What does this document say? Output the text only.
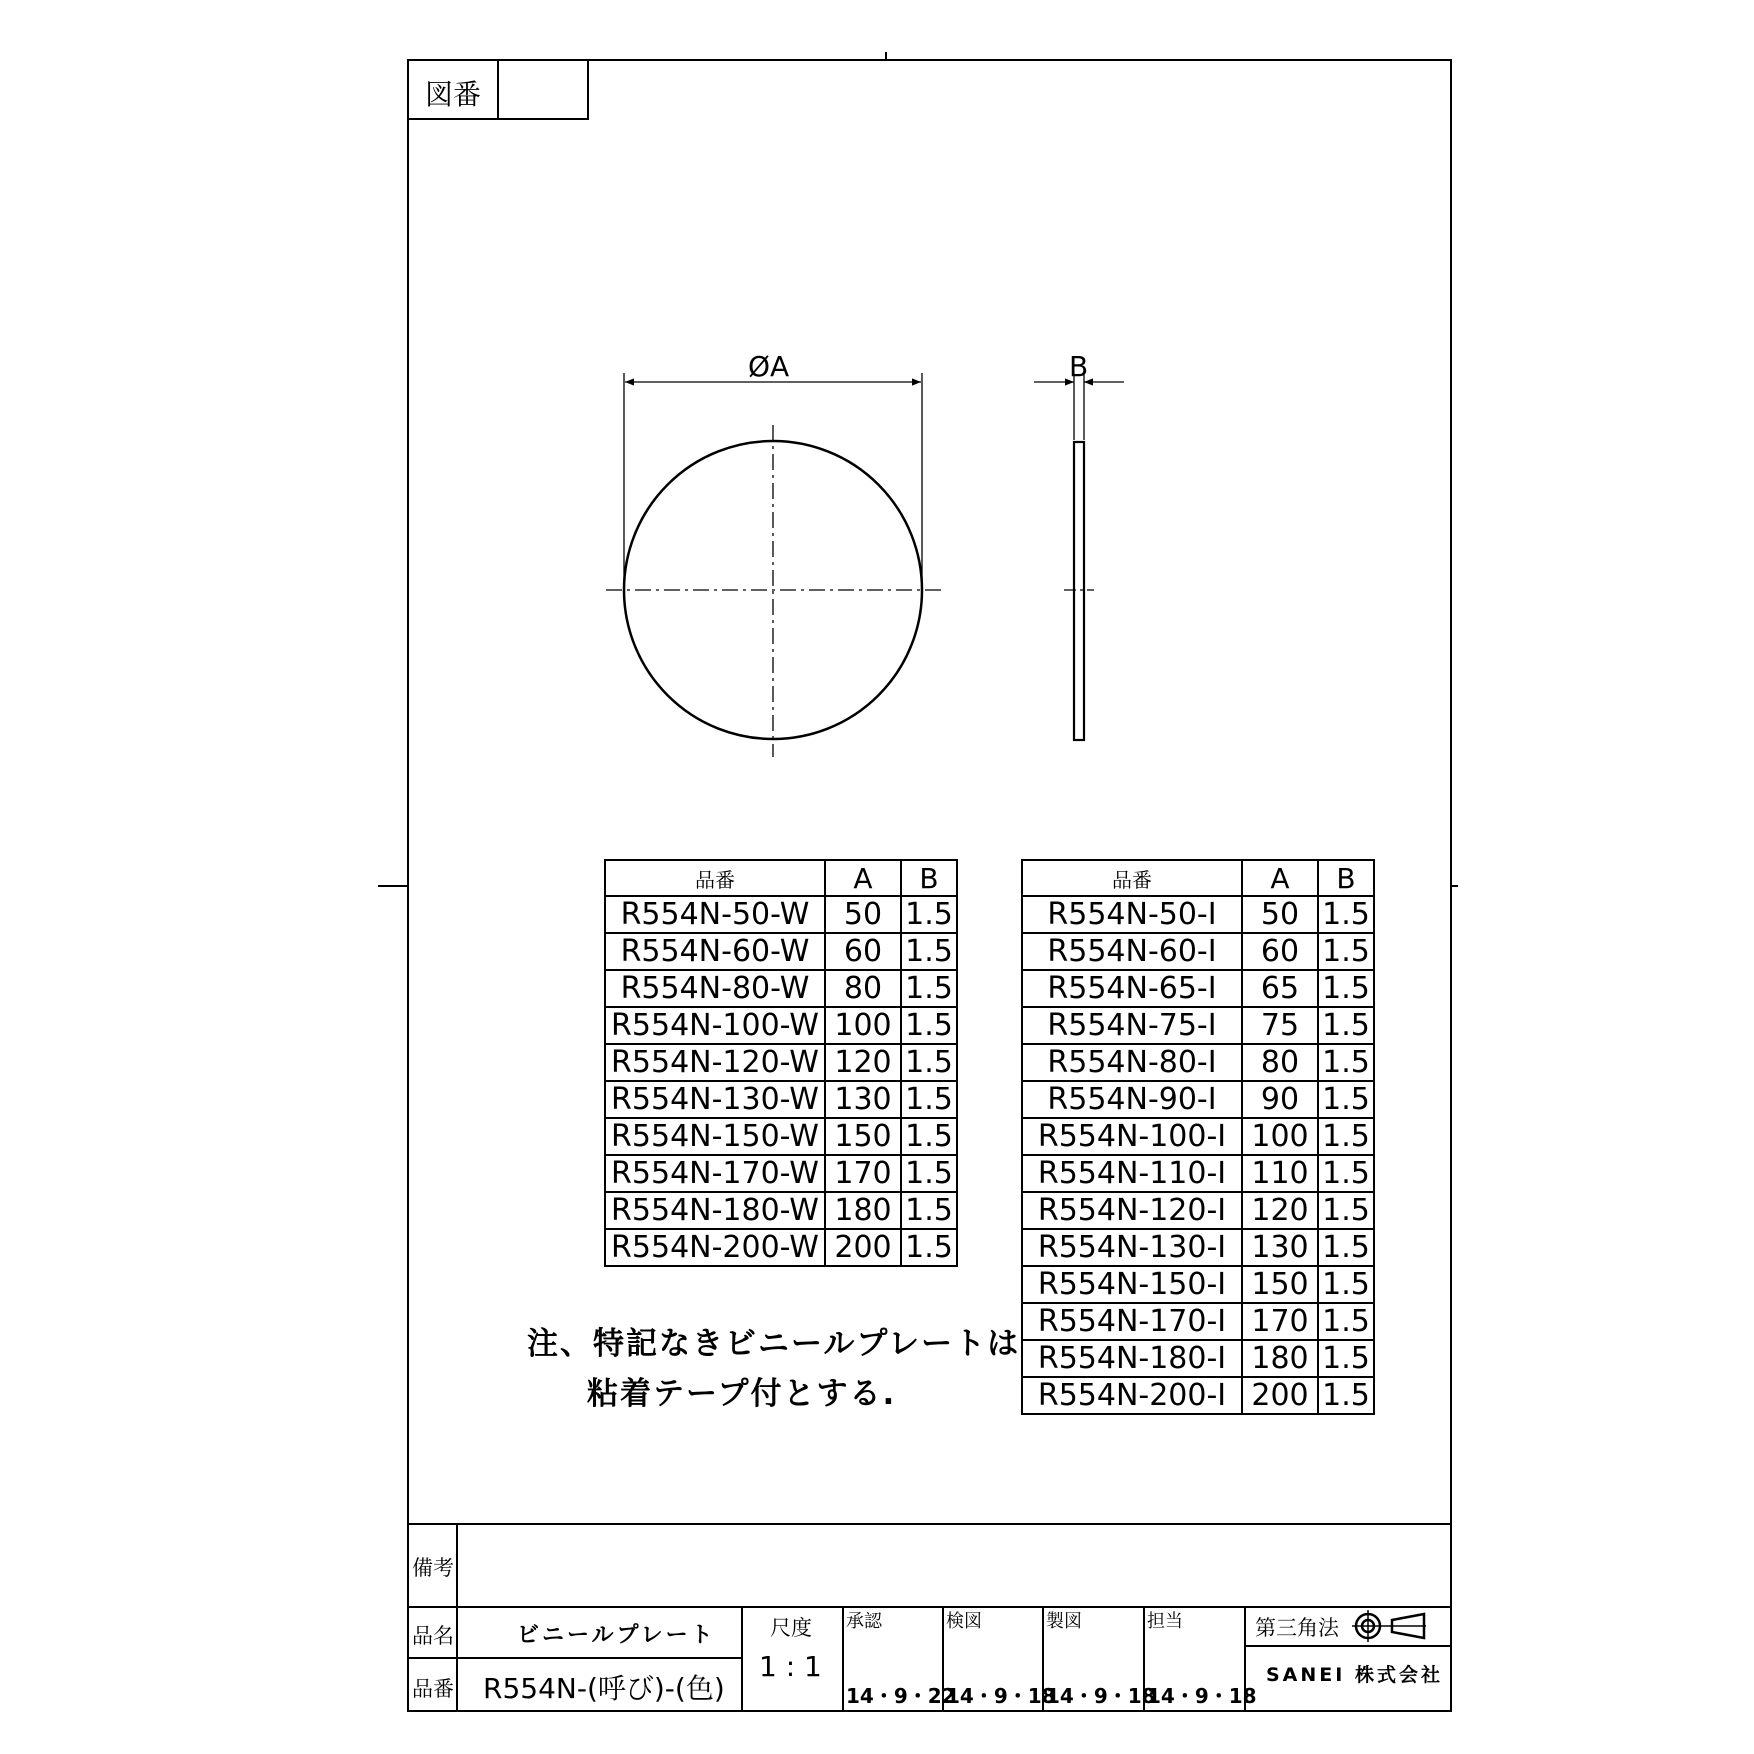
図番
ØA	B
品番	A	B
R554N-50-W	50	1.5
R554N-60-W	60	1.5
R554N-80-W	80	1.5
R554N-100-W	100	1.5
R554N-120-W	120	1.5
R554N-130-W	130	1.5
R554N-150-W	150	1.5
R554N-170-W	170	1.5
R554N-180-W	180	1.5
R554N-200-W	200	1.5
品番	A	B
R554N-50-I	50	1.5
R554N-60-I	60	1.5
R554N-65-I	65	1.5
R554N-75-I	75	1.5
R554N-80-I	80	1.5
R554N-90-I	90	1.5
R554N-100-I	100	1.5
R554N-110-I	110	1.5
R554N-120-I	120	1.5
R554N-130-I	130	1.5
R554N-150-I	150	1.5
R554N-170-I	170	1.5
R554N-180-I	180	1.5
R554N-200-I	200	1.5
注、特記なきビニールプレートは
粘着テープ付とする.
備考
品名	ビニールプレート
品番 R554N-(呼び)-(色)
尺度
1 : 1
承認
14・9・22
検図
14・9・18
製図
14・9・18
担当
14・9・18
第三角法
SANEI 株式会社
